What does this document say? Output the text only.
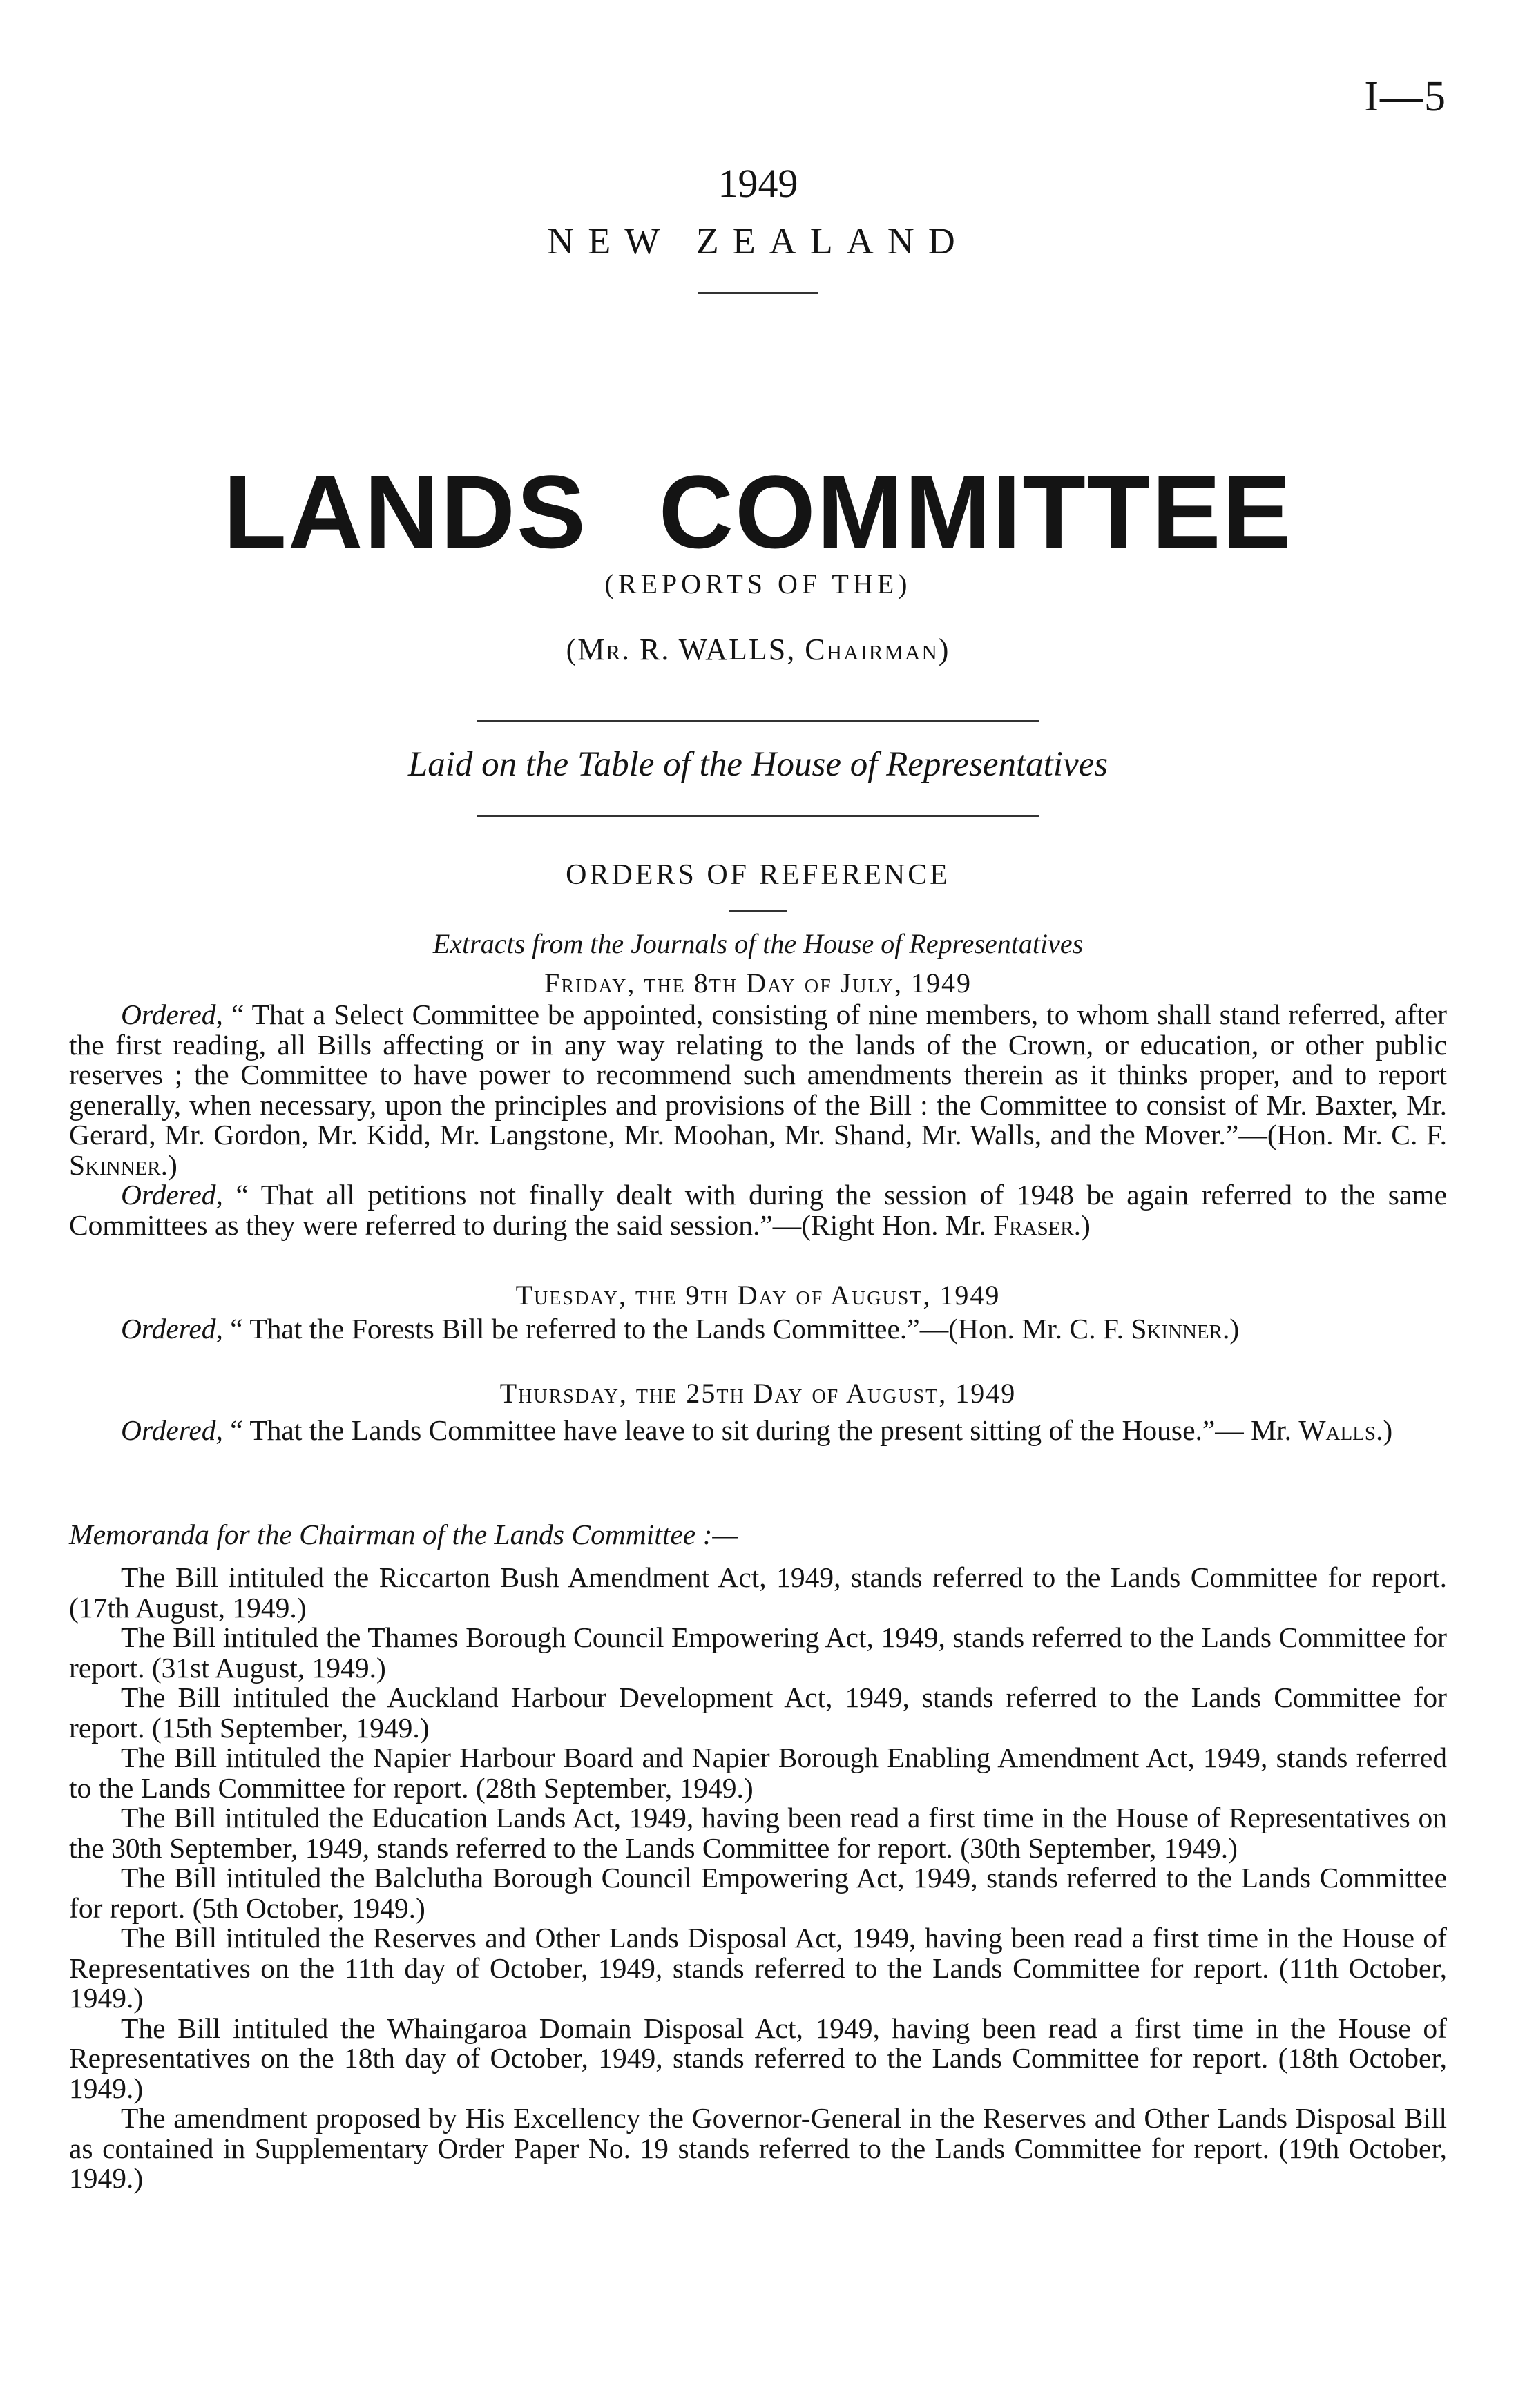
I—5
1949
NEW ZEALAND
LANDS COMMITTEE
(REPORTS OF THE)
(Mr. R. WALLS, Chairman)
Laid on the Table of the House of Representatives
ORDERS OF REFERENCE
Extracts from the Journals of the House of Representatives
Friday, the 8th Day of July, 1949

Ordered, “ That a Select Committee be appointed, consisting of nine members, to whom shall stand referred, after the first reading, all Bills affecting or in any way relating to the lands of the Crown, or education, or other public reserves ; the Committee to have power to recommend such amendments therein as it thinks proper, and to report generally, when necessary, upon the principles and provisions of the Bill : the Committee to consist of Mr. Baxter, Mr. Gerard, Mr. Gordon, Mr. Kidd, Mr. Langstone, Mr. Moohan, Mr. Shand, Mr. Walls, and the Mover.”—(Hon. Mr. C. F. Skinner.)

Ordered, “ That all petitions not finally dealt with during the session of 1948 be again referred to the same Committees as they were referred to during the said session.”—(Right Hon. Mr. Fraser.)

Tuesday, the 9th Day of August, 1949

Ordered, “ That the Forests Bill be referred to the Lands Committee.”—(Hon. Mr. C. F. Skinner.)

Thursday, the 25th Day of August, 1949

Ordered, “ That the Lands Committee have leave to sit during the present sitting of the House.”— Mr. Walls.)

Memoranda for the Chairman of the Lands Committee :—

The Bill intituled the Riccarton Bush Amendment Act, 1949, stands referred to the Lands Committee for report. (17th August, 1949.)

The Bill intituled the Thames Borough Council Empowering Act, 1949, stands referred to the Lands Committee for report. (31st August, 1949.)

The Bill intituled the Auckland Harbour Development Act, 1949, stands referred to the Lands Committee for report. (15th September, 1949.)

The Bill intituled the Napier Harbour Board and Napier Borough Enabling Amendment Act, 1949, stands referred to the Lands Committee for report. (28th September, 1949.)

The Bill intituled the Education Lands Act, 1949, having been read a first time in the House of Representatives on the 30th September, 1949, stands referred to the Lands Committee for report. (30th September, 1949.)

The Bill intituled the Balclutha Borough Council Empowering Act, 1949, stands referred to the Lands Committee for report. (5th October, 1949.)

The Bill intituled the Reserves and Other Lands Disposal Act, 1949, having been read a first time in the House of Representatives on the 11th day of October, 1949, stands referred to the Lands Committee for report. (11th October, 1949.)

The Bill intituled the Whaingaroa Domain Disposal Act, 1949, having been read a first time in the House of Representatives on the 18th day of October, 1949, stands referred to the Lands Committee for report. (18th October, 1949.)

The amendment proposed by His Excellency the Governor-General in the Reserves and Other Lands Disposal Bill as contained in Supplementary Order Paper No. 19 stands referred to the Lands Committee for report. (19th October, 1949.)
